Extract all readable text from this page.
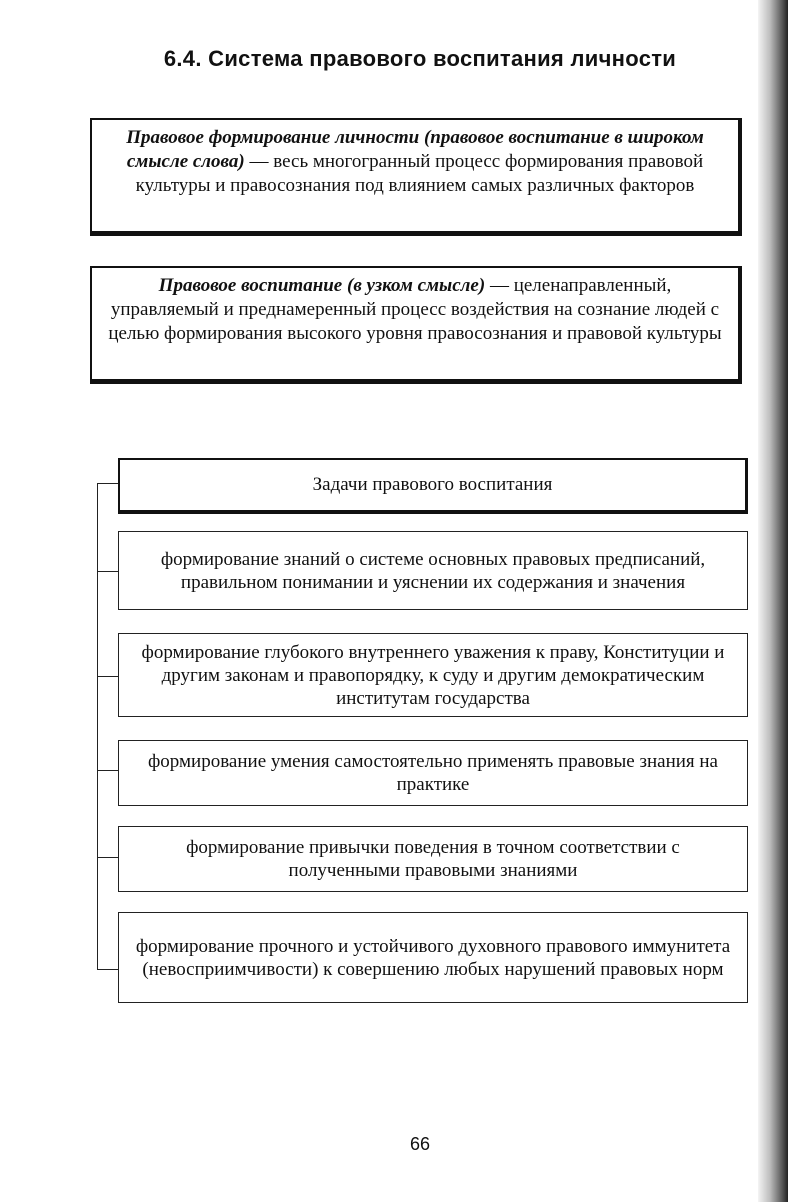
6.4. Система правового воспитания личности
Правовое формирование личности (правовое воспитание в широком смысле слова) — весь многогранный процесс формирования правовой культуры и правосознания под влиянием самых различных факторов
Правовое воспитание (в узком смысле) — целенаправленный, управляемый и преднамеренный процесс воздействия на сознание людей с целью формирования высокого уровня правосознания и правовой культуры
Задачи правового воспитания
формирование знаний о системе основных правовых предписаний, правильном понимании и уяснении их содержания и значения
формирование глубокого внутреннего уважения к праву, Конституции и другим законам и правопорядку, к суду и другим демократическим институтам государства
формирование умения самостоятельно применять правовые знания на практике
формирование привычки поведения в точном соответствии с полученными правовыми знаниями
формирование прочного и устойчивого духовного правового иммунитета (невосприимчивости) к совершению любых нарушений правовых норм
66
